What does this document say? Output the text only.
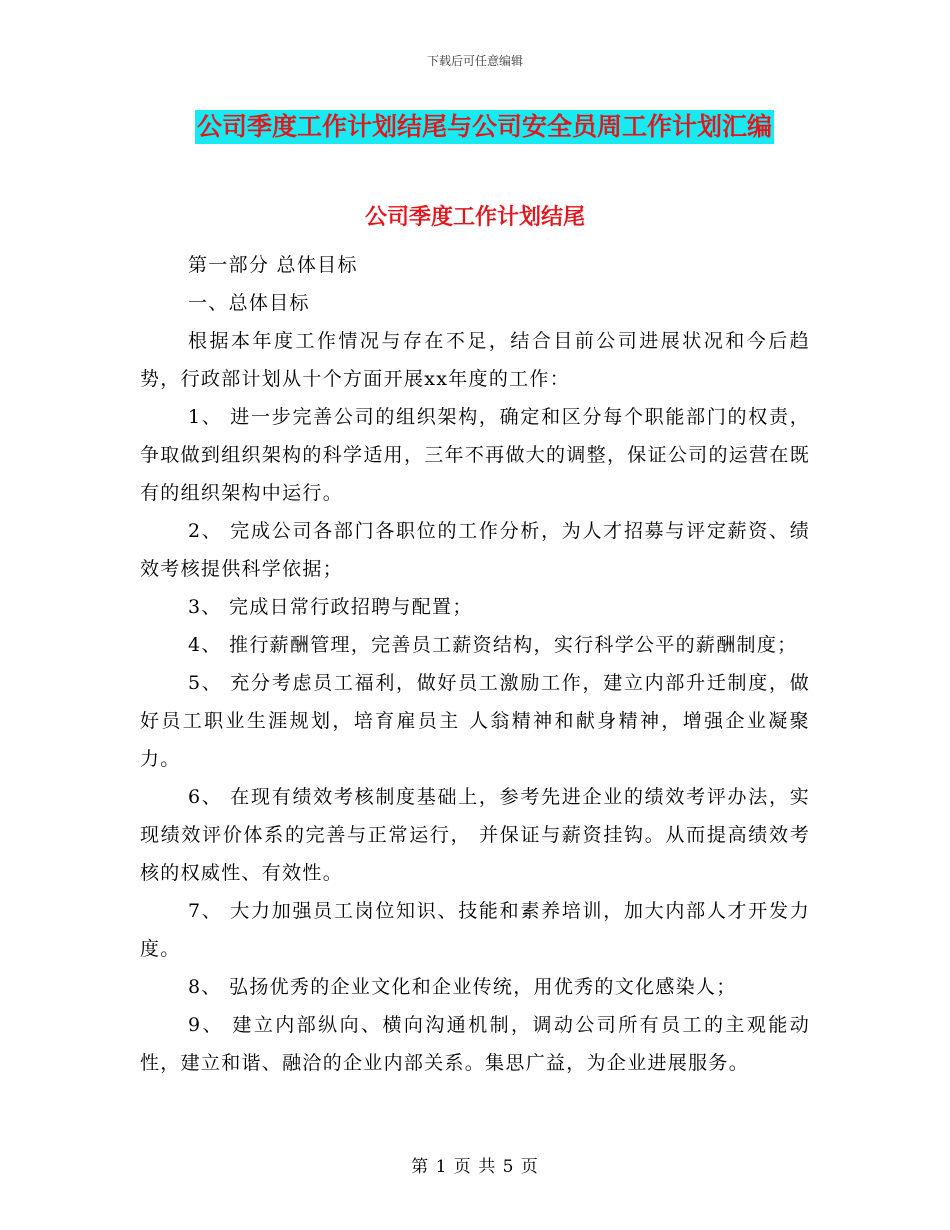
下载后可任意编辑
公司季度工作计划结尾与公司安全员周工作计划汇编
公司季度工作计划结尾

第一部分 总体目标

一、总体目标

根据本年度工作情况与存在不足，结合目前公司进展状况和今后趋势，行政部计划从十个方面开展xx年度的工作：

1、 进一步完善公司的组织架构，确定和区分每个职能部门的权责，争取做到组织架构的科学适用，三年不再做大的调整，保证公司的运营在既有的组织架构中运行。

2、 完成公司各部门各职位的工作分析，为人才招募与评定薪资、绩效考核提供科学依据；

3、 完成日常行政招聘与配置；

4、 推行薪酬管理，完善员工薪资结构，实行科学公平的薪酬制度；

5、 充分考虑员工福利，做好员工激励工作，建立内部升迁制度，做好员工职业生涯规划，培育雇员主 人翁精神和献身精神，增强企业凝聚力。

6、 在现有绩效考核制度基础上，参考先进企业的绩效考评办法，实现绩效评价体系的完善与正常运行， 并保证与薪资挂钩。从而提高绩效考核的权威性、有效性。

7、 大力加强员工岗位知识、技能和素养培训，加大内部人才开发力度。

8、 弘扬优秀的企业文化和企业传统，用优秀的文化感染人；

9、 建立内部纵向、横向沟通机制，调动公司所有员工的主观能动性，建立和谐、融洽的企业内部关系。集思广益，为企业进展服务。

第 1 页 共 5 页
